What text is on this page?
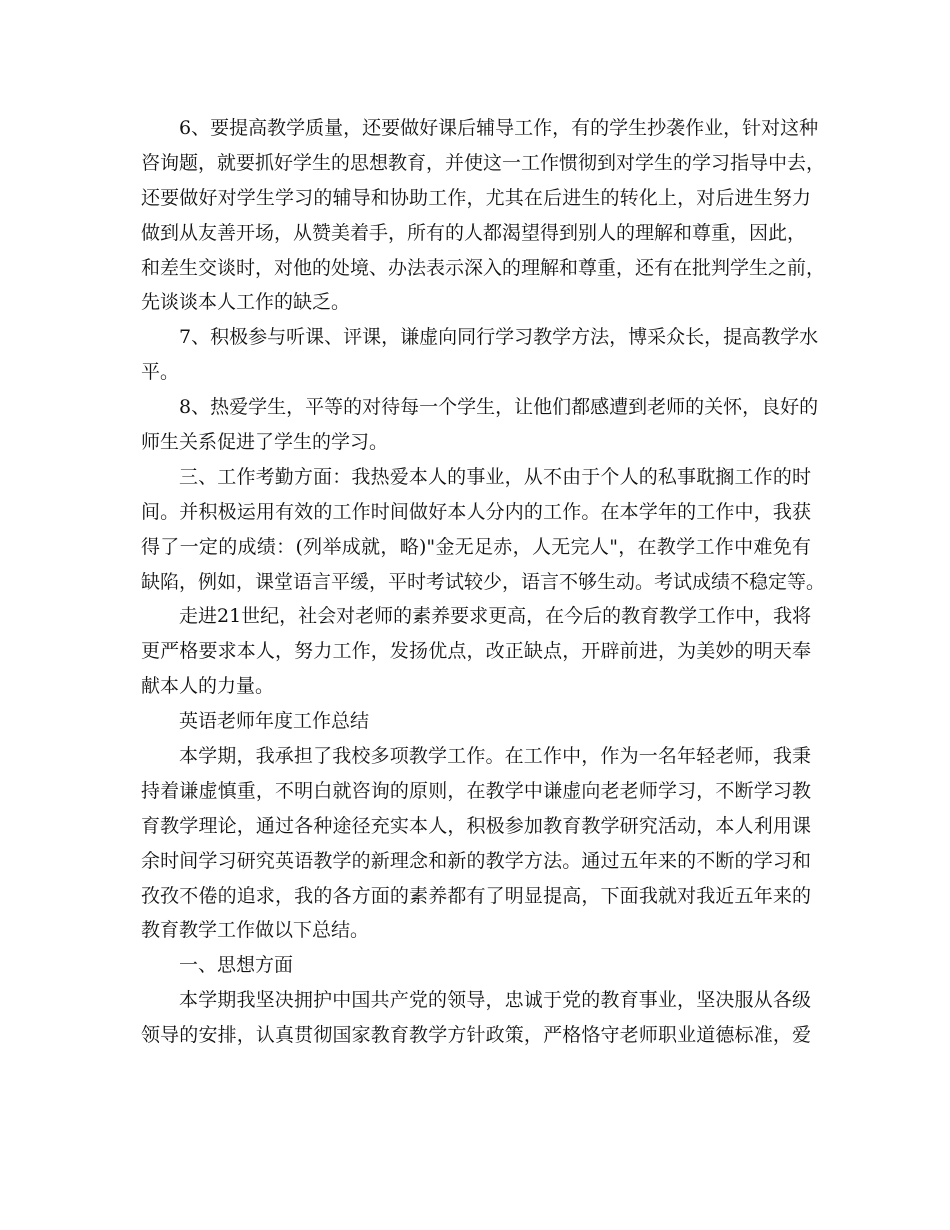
6、要提高教学质量，还要做好课后辅导工作，有的学生抄袭作业，针对这种
咨询题，就要抓好学生的思想教育，并使这一工作惯彻到对学生的学习指导中去，
还要做好对学生学习的辅导和协助工作，尤其在后进生的转化上，对后进生努力
做到从友善开场，从赞美着手，所有的人都渴望得到别人的理解和尊重，因此，
和差生交谈时，对他的处境、办法表示深入的理解和尊重，还有在批判学生之前，
先谈谈本人工作的缺乏。
7、积极参与听课、评课，谦虚向同行学习教学方法，博采众长，提高教学水
平。
8、热爱学生，平等的对待每一个学生，让他们都感遭到老师的关怀，良好的
师生关系促进了学生的学习。
三、工作考勤方面：我热爱本人的事业，从不由于个人的私事耽搁工作的时
间。并积极运用有效的工作时间做好本人分内的工作。在本学年的工作中，我获
得了一定的成绩：(列举成就，略)"金无足赤，人无完人"，在教学工作中难免有
缺陷，例如，课堂语言平缓，平时考试较少，语言不够生动。考试成绩不稳定等。
走进21世纪，社会对老师的素养要求更高，在今后的教育教学工作中，我将
更严格要求本人，努力工作，发扬优点，改正缺点，开辟前进，为美妙的明天奉
献本人的力量。
英语老师年度工作总结
本学期，我承担了我校多项教学工作。在工作中，作为一名年轻老师，我秉
持着谦虚慎重，不明白就咨询的原则，在教学中谦虚向老老师学习，不断学习教
育教学理论，通过各种途径充实本人，积极参加教育教学研究活动，本人利用课
余时间学习研究英语教学的新理念和新的教学方法。通过五年来的不断的学习和
孜孜不倦的追求，我的各方面的素养都有了明显提高，下面我就对我近五年来的
教育教学工作做以下总结。
一、思想方面
本学期我坚决拥护中国共产党的领导，忠诚于党的教育事业，坚决服从各级
领导的安排，认真贯彻国家教育教学方针政策，严格恪守老师职业道德标准，爱
